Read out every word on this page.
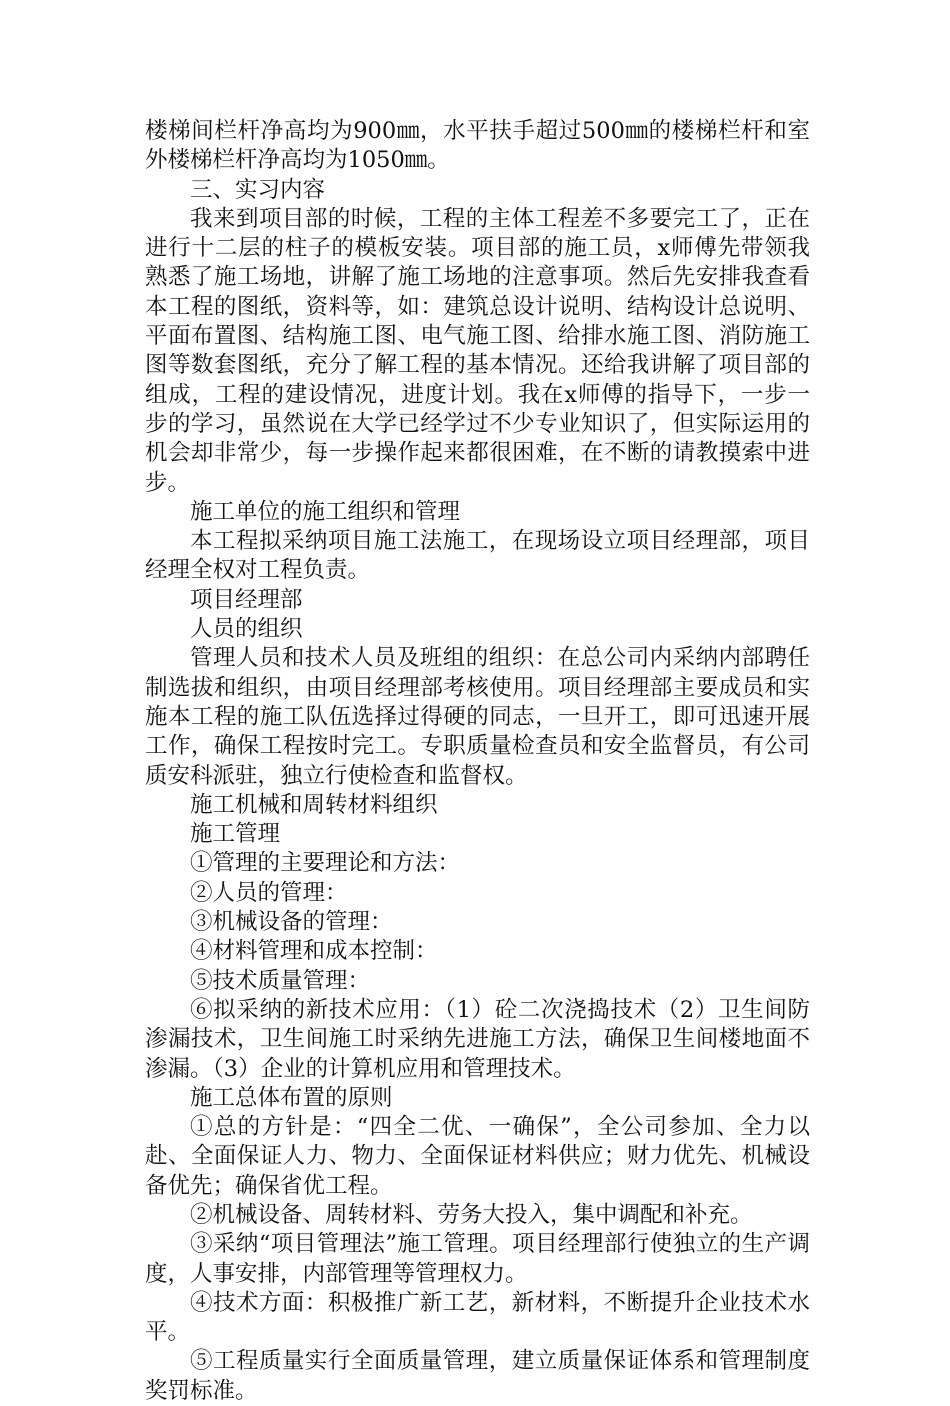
楼梯间栏杆净高均为900㎜，水平扶手超过500㎜的楼梯栏杆和室外楼梯栏杆净高均为1050㎜。

三、实习内容

我来到项目部的时候，工程的主体工程差不多要完工了，正在进行十二层的柱子的模板安装。项目部的施工员，x师傅先带领我熟悉了施工场地，讲解了施工场地的注意事项。然后先安排我查看本工程的图纸，资料等，如：建筑总设计说明、结构设计总说明、平面布置图、结构施工图、电气施工图、给排水施工图、消防施工图等数套图纸，充分了解工程的基本情况。还给我讲解了项目部的组成，工程的建设情况，进度计划。我在x师傅的指导下，一步一步的学习，虽然说在大学已经学过不少专业知识了，但实际运用的机会却非常少，每一步操作起来都很困难，在不断的请教摸索中进步。

施工单位的施工组织和管理

本工程拟采纳项目施工法施工，在现场设立项目经理部，项目经理全权对工程负责。

项目经理部

人员的组织

管理人员和技术人员及班组的组织：在总公司内采纳内部聘任制选拔和组织，由项目经理部考核使用。项目经理部主要成员和实施本工程的施工队伍选择过得硬的同志，一旦开工，即可迅速开展工作，确保工程按时完工。专职质量检查员和安全监督员，有公司质安科派驻，独立行使检查和监督权。

施工机械和周转材料组织

施工管理

①管理的主要理论和方法：

②人员的管理：

③机械设备的管理：

④材料管理和成本控制：

⑤技术质量管理：

⑥拟采纳的新技术应用：（1）砼二次浇捣技术（2）卫生间防渗漏技术，卫生间施工时采纳先进施工方法，确保卫生间楼地面不渗漏。（3）企业的计算机应用和管理技术。

施工总体布置的原则

①总的方针是：“四全二优、一确保”，全公司参加、全力以赴、全面保证人力、物力、全面保证材料供应；财力优先、机械设备优先；确保省优工程。

②机械设备、周转材料、劳务大投入，集中调配和补充。

③采纳“项目管理法”施工管理。项目经理部行使独立的生产调度，人事安排，内部管理等管理权力。

④技术方面：积极推广新工艺，新材料，不断提升企业技术水平。

⑤工程质量实行全面质量管理，建立质量保证体系和管理制度奖罚标准。
